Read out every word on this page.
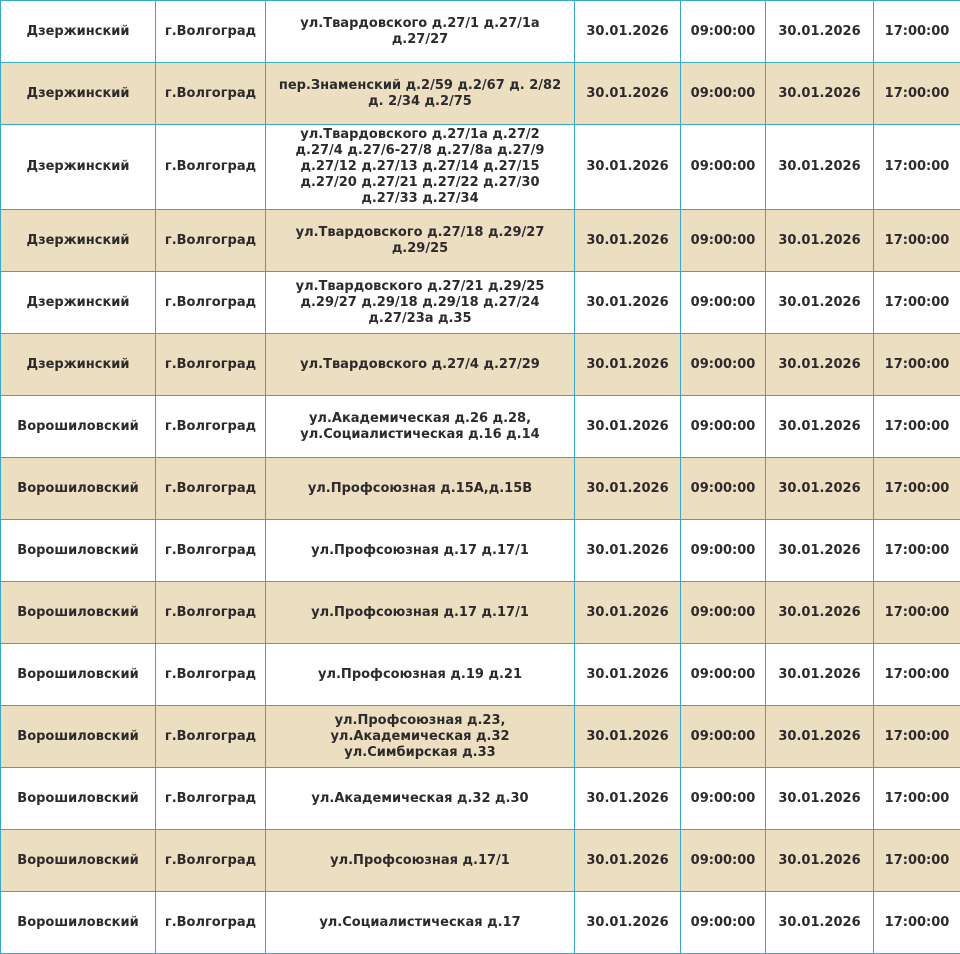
Дзержинский	г.Волгоград	ул.Твардовского д.27/1 д.27/1а д.27/27	30.01.2026	09:00:00	30.01.2026	17:00:00
Дзержинский	г.Волгоград	пер.Знаменский д.2/59 д.2/67 д. 2/82 д. 2/34 д.2/75	30.01.2026	09:00:00	30.01.2026	17:00:00
Дзержинский	г.Волгоград	ул.Твардовского д.27/1а д.27/2 д.27/4 д.27/6-27/8 д.27/8а д.27/9 д.27/12 д.27/13 д.27/14 д.27/15 д.27/20 д.27/21 д.27/22 д.27/30 д.27/33 д.27/34	30.01.2026	09:00:00	30.01.2026	17:00:00
Дзержинский	г.Волгоград	ул.Твардовского д.27/18 д.29/27 д.29/25	30.01.2026	09:00:00	30.01.2026	17:00:00
Дзержинский	г.Волгоград	ул.Твардовского д.27/21 д.29/25 д.29/27 д.29/18 д.29/18 д.27/24 д.27/23а д.35	30.01.2026	09:00:00	30.01.2026	17:00:00
Дзержинский	г.Волгоград	ул.Твардовского д.27/4 д.27/29	30.01.2026	09:00:00	30.01.2026	17:00:00
Ворошиловский	г.Волгоград	ул.Академическая д.26 д.28, ул.Социалистическая д.16 д.14	30.01.2026	09:00:00	30.01.2026	17:00:00
Ворошиловский	г.Волгоград	ул.Профсоюзная д.15А,д.15В	30.01.2026	09:00:00	30.01.2026	17:00:00
Ворошиловский	г.Волгоград	ул.Профсоюзная д.17 д.17/1	30.01.2026	09:00:00	30.01.2026	17:00:00
Ворошиловский	г.Волгоград	ул.Профсоюзная д.17 д.17/1	30.01.2026	09:00:00	30.01.2026	17:00:00
Ворошиловский	г.Волгоград	ул.Профсоюзная д.19 д.21	30.01.2026	09:00:00	30.01.2026	17:00:00
Ворошиловский	г.Волгоград	ул.Профсоюзная д.23, ул.Академическая д.32 ул.Симбирская д.33	30.01.2026	09:00:00	30.01.2026	17:00:00
Ворошиловский	г.Волгоград	ул.Академическая д.32 д.30	30.01.2026	09:00:00	30.01.2026	17:00:00
Ворошиловский	г.Волгоград	ул.Профсоюзная д.17/1	30.01.2026	09:00:00	30.01.2026	17:00:00
Ворошиловский	г.Волгоград	ул.Социалистическая д.17	30.01.2026	09:00:00	30.01.2026	17:00:00
